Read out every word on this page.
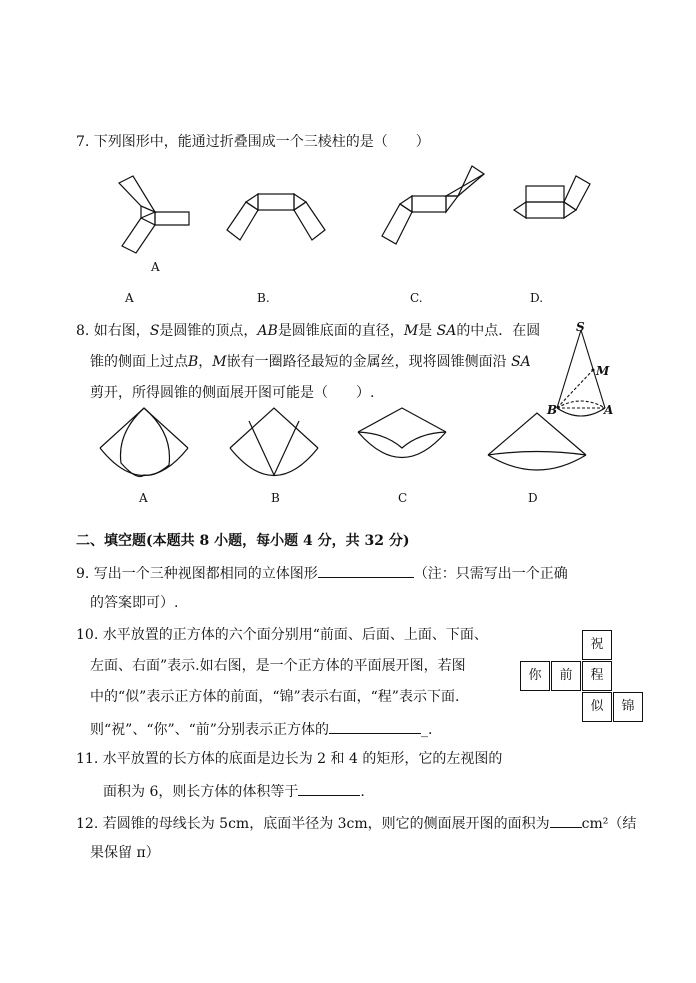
7. 下列图形中，能通过折叠围成一个三棱柱的是（　　）
A
A	B.	C.	D.
8. 如右图，S是圆锥的顶点，AB是圆锥底面的直径，M是 SA的中点．在圆
锥的侧面上过点B，M嵌有一圈路径最短的金属丝，现将圆锥侧面沿 SA
剪开，所得圆锥的侧面展开图可能是（　　）.
S
M
B	A
A	B	C	D
二、填空题(本题共 8 小题，每小题 4 分，共 32 分)
9. 写出一个三种视图都相同的立体图形	（注：只需写出一个正确
的答案即可）.
10. 水平放置的正方体的六个面分别用“前面、后面、上面、下面、
左面、右面”表示.如右图，是一个正方体的平面展开图，若图
中的“似”表示正方体的前面，“锦”表示右面，“程”表示下面.
则“祝”、“你”、“前”分别表示正方体的	_.
祝
你	前	程
似	锦
11. 水平放置的长方体的底面是边长为 2 和 4 的矩形，它的左视图的
面积为 6，则长方体的体积等于	.
12. 若圆锥的母线长为 5cm，底面半径为 3cm，则它的侧面展开图的面积为 cm²（结
果保留 π）
